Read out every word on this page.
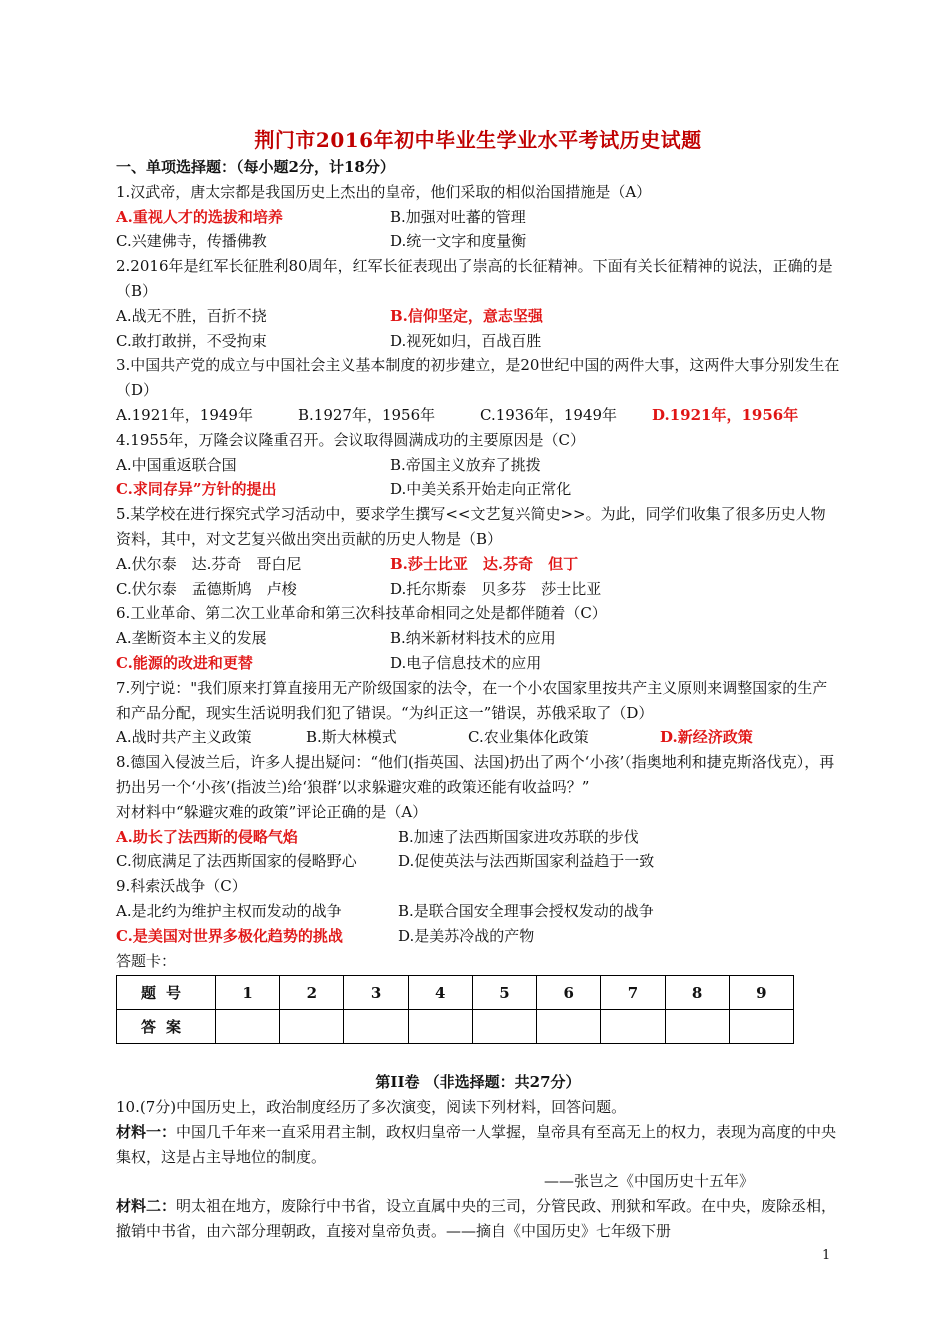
荆门市2016年初中毕业生学业水平考试历史试题
一、单项选择题：（每小题2分，计18分）
1.汉武帝，唐太宗都是我国历史上杰出的皇帝，他们采取的相似治国措施是（A）
A.重视人才的选拔和培养	B.加强对吐蕃的管理
C.兴建佛寺，传播佛教	D.统一文字和度量衡
2.2016年是红军长征胜利80周年，红军长征表现出了崇高的长征精神。下面有关长征精神的说法，正确的是（B）
A.战无不胜，百折不挠	B.信仰坚定，意志坚强
C.敢打敢拼，不受拘束	D.视死如归，百战百胜
3.中国共产党的成立与中国社会主义基本制度的初步建立，是20世纪中国的两件大事，这两件大事分别发生在（D）
A.1921年，1949年	B.1927年，1956年	C.1936年，1949年 D.1921年，1956年
4.1955年，万隆会议隆重召开。会议取得圆满成功的主要原因是（C）
A.中国重返联合国	B.帝国主义放弃了挑拨
C.求同存异”方针的提出	D.中美关系开始走向正常化
5.某学校在进行探究式学习活动中，要求学生撰写<<文艺复兴简史>>。为此，同学们收集了很多历史人物资料，其中，对文艺复兴做出突出贡献的历史人物是（B）
A.伏尔泰　达.芬奇　哥白尼	B.莎士比亚　达.芬奇　但丁
C.伏尔泰　孟德斯鸠　卢梭	D.托尔斯泰　贝多芬　莎士比亚
6.工业革命、第二次工业革命和第三次科技革命相同之处是都伴随着（C）
A.垄断资本主义的发展	B.纳米新材料技术的应用
C.能源的改进和更替	D.电子信息技术的应用
7.列宁说："我们原来打算直接用无产阶级国家的法令，在一个小农国家里按共产主义原则来调整国家的生产和产品分配，现实生活说明我们犯了错误。“为纠正这一”错误，苏俄采取了（D）
A.战时共产主义政策	B.斯大林模式	C.农业集体化政策	D.新经济政策
8.德国入侵波兰后，许多人提出疑问：“他们(指英国、法国)扔出了两个‘小孩’（指奥地利和捷克斯洛伐克），再扔出另一个‘小孩’(指波兰)给‘狼群’以求躲避灾难的政策还能有收益吗？”
对材料中“躲避灾难的政策”评论正确的是（A）
A.助长了法西斯的侵略气焰	B.加速了法西斯国家进攻苏联的步伐
C.彻底满足了法西斯国家的侵略野心	D.促使英法与法西斯国家利益趋于一致
9.科索沃战争（C）
A.是北约为维护主权而发动的战争	B.是联合国安全理事会授权发动的战争
C.是美国对世界多极化趋势的挑战	D.是美苏冷战的产物
答题卡：
题号	1	2	3	4	5	6	7	8	9
答案									
第II卷 （非选择题：共27分）
10.(7分)中国历史上，政治制度经历了多次演变，阅读下列材料，回答问题。
材料一：中国几千年来一直采用君主制，政权归皇帝一人掌握，皇帝具有至高无上的权力，表现为高度的中央集权，这是占主导地位的制度。
——张岂之《中国历史十五年》
材料二：明太祖在地方，废除行中书省，设立直属中央的三司，分管民政、刑狱和军政。在中央，废除丞相，撤销中书省，由六部分理朝政，直接对皇帝负责。——摘自《中国历史》七年级下册
1
